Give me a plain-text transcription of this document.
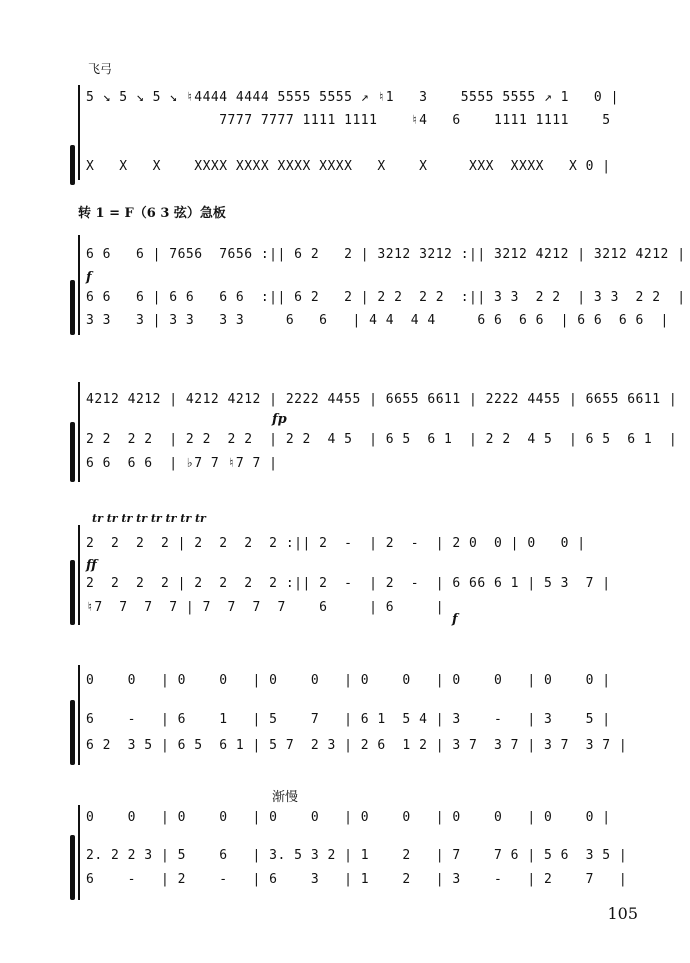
飞弓
5 ↘ 5 ↘ 5 ↘ ♮4444 4444 5555 5555 ↗ ♮1   3    5555 5555 ↗ 1   0 |
7777 7777 1111 1111    ♮4   6    1111 1111    5
X   X   X    XXXX XXXX XXXX XXXX   X    X     XXX  XXXX   X 0 |
转 1 = F（6 3 弦）急板
6 6   6 | 7656  7656 :|| 6 2   2 | 3212 3212 :|| 3212 4212 | 3212 4212 |
f
6 6   6 | 6 6   6 6  :|| 6 2   2 | 2 2  2 2  :|| 3 3  2 2  | 3 3  2 2  |
3 3   3 | 3 3   3 3     6   6   | 4 4  4 4     6 6  6 6  | 6 6  6 6  |
4212 4212 | 4212 4212 | 2222 4455 | 6655 6611 | 2222 4455 | 6655 6611 |
fp
2 2  2 2  | 2 2  2 2  | 2 2  4 5  | 6 5  6 1  | 2 2  4 5  | 6 5  6 1  |
6 6  6 6  | ♭7 7 ♮7 7 |
tr tr tr tr tr tr tr tr
2  2  2  2 | 2  2  2  2 :|| 2  -  | 2  -  | 2 0  0 | 0   0 |
ff
2  2  2  2 | 2  2  2  2 :|| 2  -  | 2  -  | 6 66 6 1 | 5 3  7 |
♮7  7  7  7 | 7  7  7  7    6     | 6     |
f
0    0   | 0    0   | 0    0   | 0    0   | 0    0   | 0    0 |
6    -   | 6    1   | 5    7   | 6 1  5 4 | 3    -   | 3    5 |
6 2  3 5 | 6 5  6 1 | 5 7  2 3 | 2 6  1 2 | 3 7  3 7 | 3 7  3 7 |
渐慢
0    0   | 0    0   | 0    0   | 0    0   | 0    0   | 0    0 |
2. 2 2 3 | 5    6   | 3. 5 3 2 | 1    2   | 7    7 6 | 5 6  3 5 |
6    -   | 2    -   | 6    3   | 1    2   | 3    -   | 2    7   |
105
